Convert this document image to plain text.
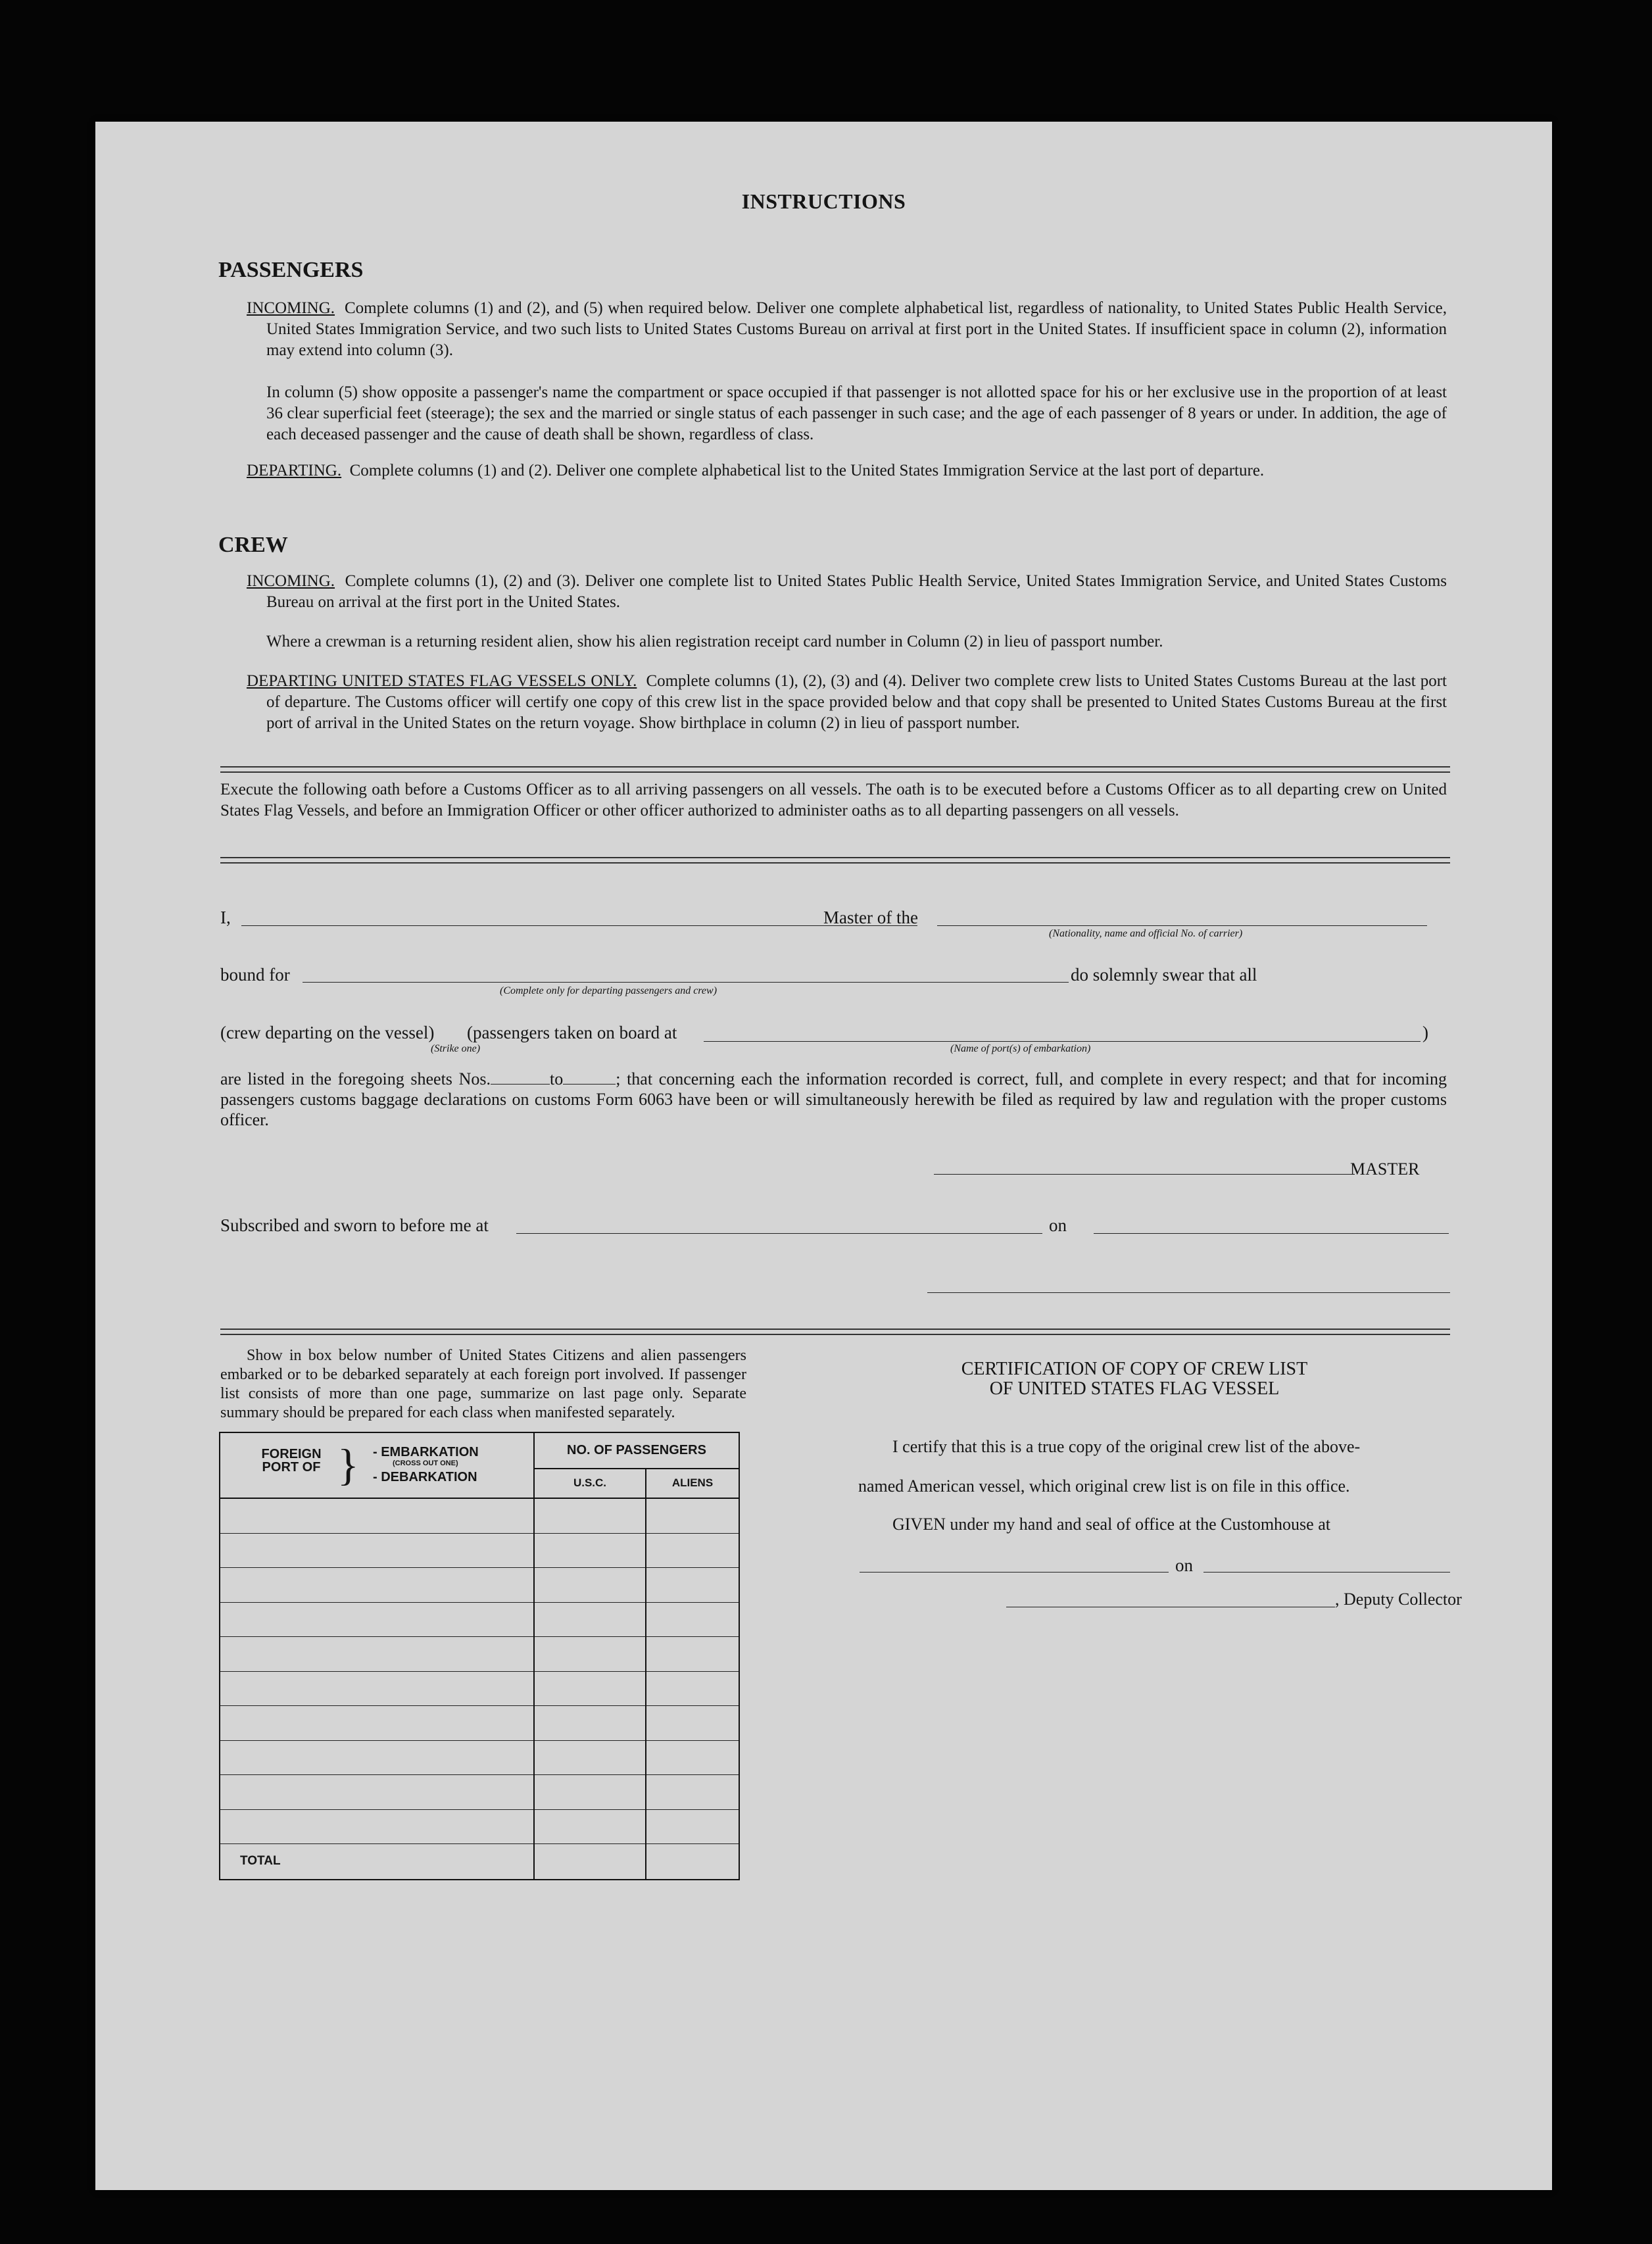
INSTRUCTIONS
PASSENGERS
INCOMING. Complete columns (1) and (2), and (5) when required below. Deliver one complete alphabetical list, regardless of nationality, to United States Public Health Service, United States Immigration Service, and two such lists to United States Customs Bureau on arrival at first port in the United States. If insufficient space in column (2), information may extend into column (3).
In column (5) show opposite a passenger's name the compartment or space occupied if that passenger is not allotted space for his or her exclusive use in the proportion of at least 36 clear superficial feet (steerage); the sex and the married or single status of each passenger in such case; and the age of each passenger of 8 years or under. In addition, the age of each deceased passenger and the cause of death shall be shown, regardless of class.
DEPARTING. Complete columns (1) and (2). Deliver one complete alphabetical list to the United States Immigration Service at the last port of departure.
CREW
INCOMING. Complete columns (1), (2) and (3). Deliver one complete list to United States Public Health Service, United States Immigration Service, and United States Customs Bureau on arrival at the first port in the United States.
Where a crewman is a returning resident alien, show his alien registration receipt card number in Column (2) in lieu of passport number.
DEPARTING UNITED STATES FLAG VESSELS ONLY. Complete columns (1), (2), (3) and (4). Deliver two complete crew lists to United States Customs Bureau at the last port of departure. The Customs officer will certify one copy of this crew list in the space provided below and that copy shall be presented to United States Customs Bureau at the first port of arrival in the United States on the return voyage. Show birthplace in column (2) in lieu of passport number.
Execute the following oath before a Customs Officer as to all arriving passengers on all vessels. The oath is to be executed before a Customs Officer as to all departing crew on United States Flag Vessels, and before an Immigration Officer or other officer authorized to administer oaths as to all departing passengers on all vessels.
I,	Master of the
(Nationality, name and official No. of carrier)
bound for	do solemnly swear that all
(Complete only for departing passengers and crew)
(crew departing on the vessel) (passengers taken on board at	)
(Strike one)	(Name of port(s) of embarkation)
are listed in the foregoing sheets Nos.	to	; that concerning each the information recorded is correct, full, and complete in every respect; and that for incoming passengers customs baggage declarations on customs Form 6063 have been or will simultaneously herewith be filed as required by law and regulation with the proper customs officer.
MASTER
Subscribed and sworn to before me at	on
Show in box below number of United States Citizens and alien passengers embarked or to be debarked separately at each foreign port involved. If passenger list consists of more than one page, summarize on last page only. Separate summary should be prepared for each class when manifested separately.
FOREIGN PORT OF } - EMBARKATION
(CROSS OUT ONE)
- DEBARKATION
NO. OF PASSENGERS
U.S.C.	ALIENS
TOTAL
CERTIFICATION OF COPY OF CREW LIST
OF UNITED STATES FLAG VESSEL
I certify that this is a true copy of the original crew list of the above-
named American vessel, which original crew list is on file in this office.
GIVEN under my hand and seal of office at the Customhouse at
on
, Deputy Collector
